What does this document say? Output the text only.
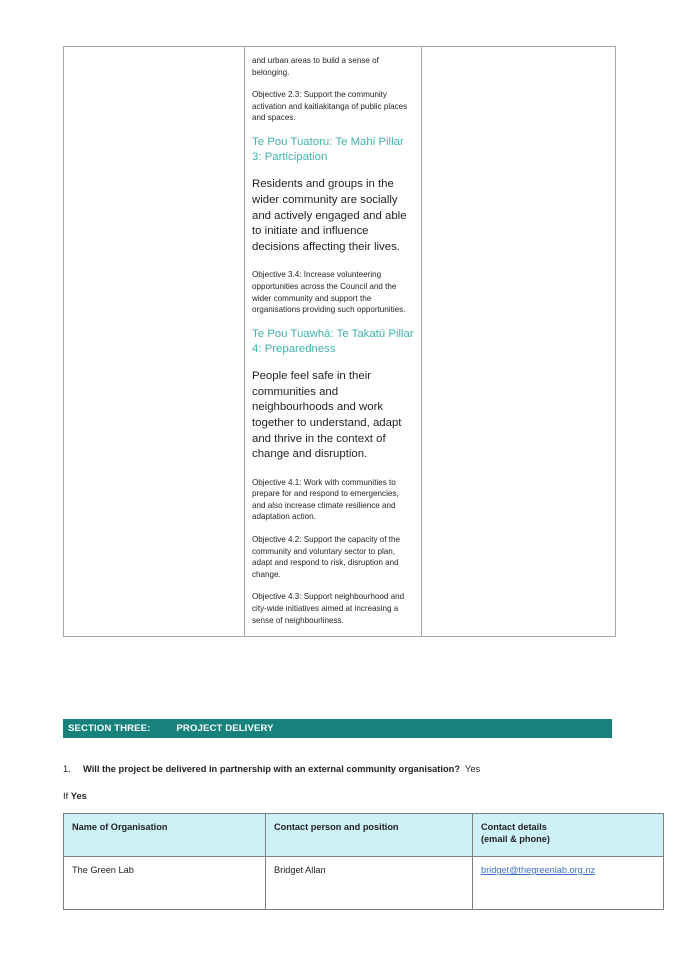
and urban areas to build a sense of belonging.

Objective 2.3: Support the community activation and kaitiakitanga of public places and spaces.

Te Pou Tuatoru: Te Mahi Pillar 3: Participation

Residents and groups in the wider community are socially and actively engaged and able to initiate and influence decisions affecting their lives.

Objective 3.4: Increase volunteering opportunities across the Council and the wider community and support the organisations providing such opportunities.

Te Pou Tuawhā: Te Takatū Pillar 4: Preparedness

People feel safe in their communities and neighbourhoods and work together to understand, adapt and thrive in the context of change and disruption.

Objective 4.1: Work with communities to prepare for and respond to emergencies, and also increase climate resilience and adaptation action.

Objective 4.2: Support the capacity of the community and voluntary sector to plan, adapt and respond to risk, disruption and change.

Objective 4.3: Support neighbourhood and city-wide initiatives aimed at increasing a sense of neighbourliness.

SECTION THREE:	PROJECT DELIVERY
1. Will the project be delivered in partnership with an external community organisation? Yes
If Yes
Name of Organisation	Contact person and position	Contact details
(email & phone)
The Green Lab	Bridget Allan	bridget@thegreenlab.org.nz
